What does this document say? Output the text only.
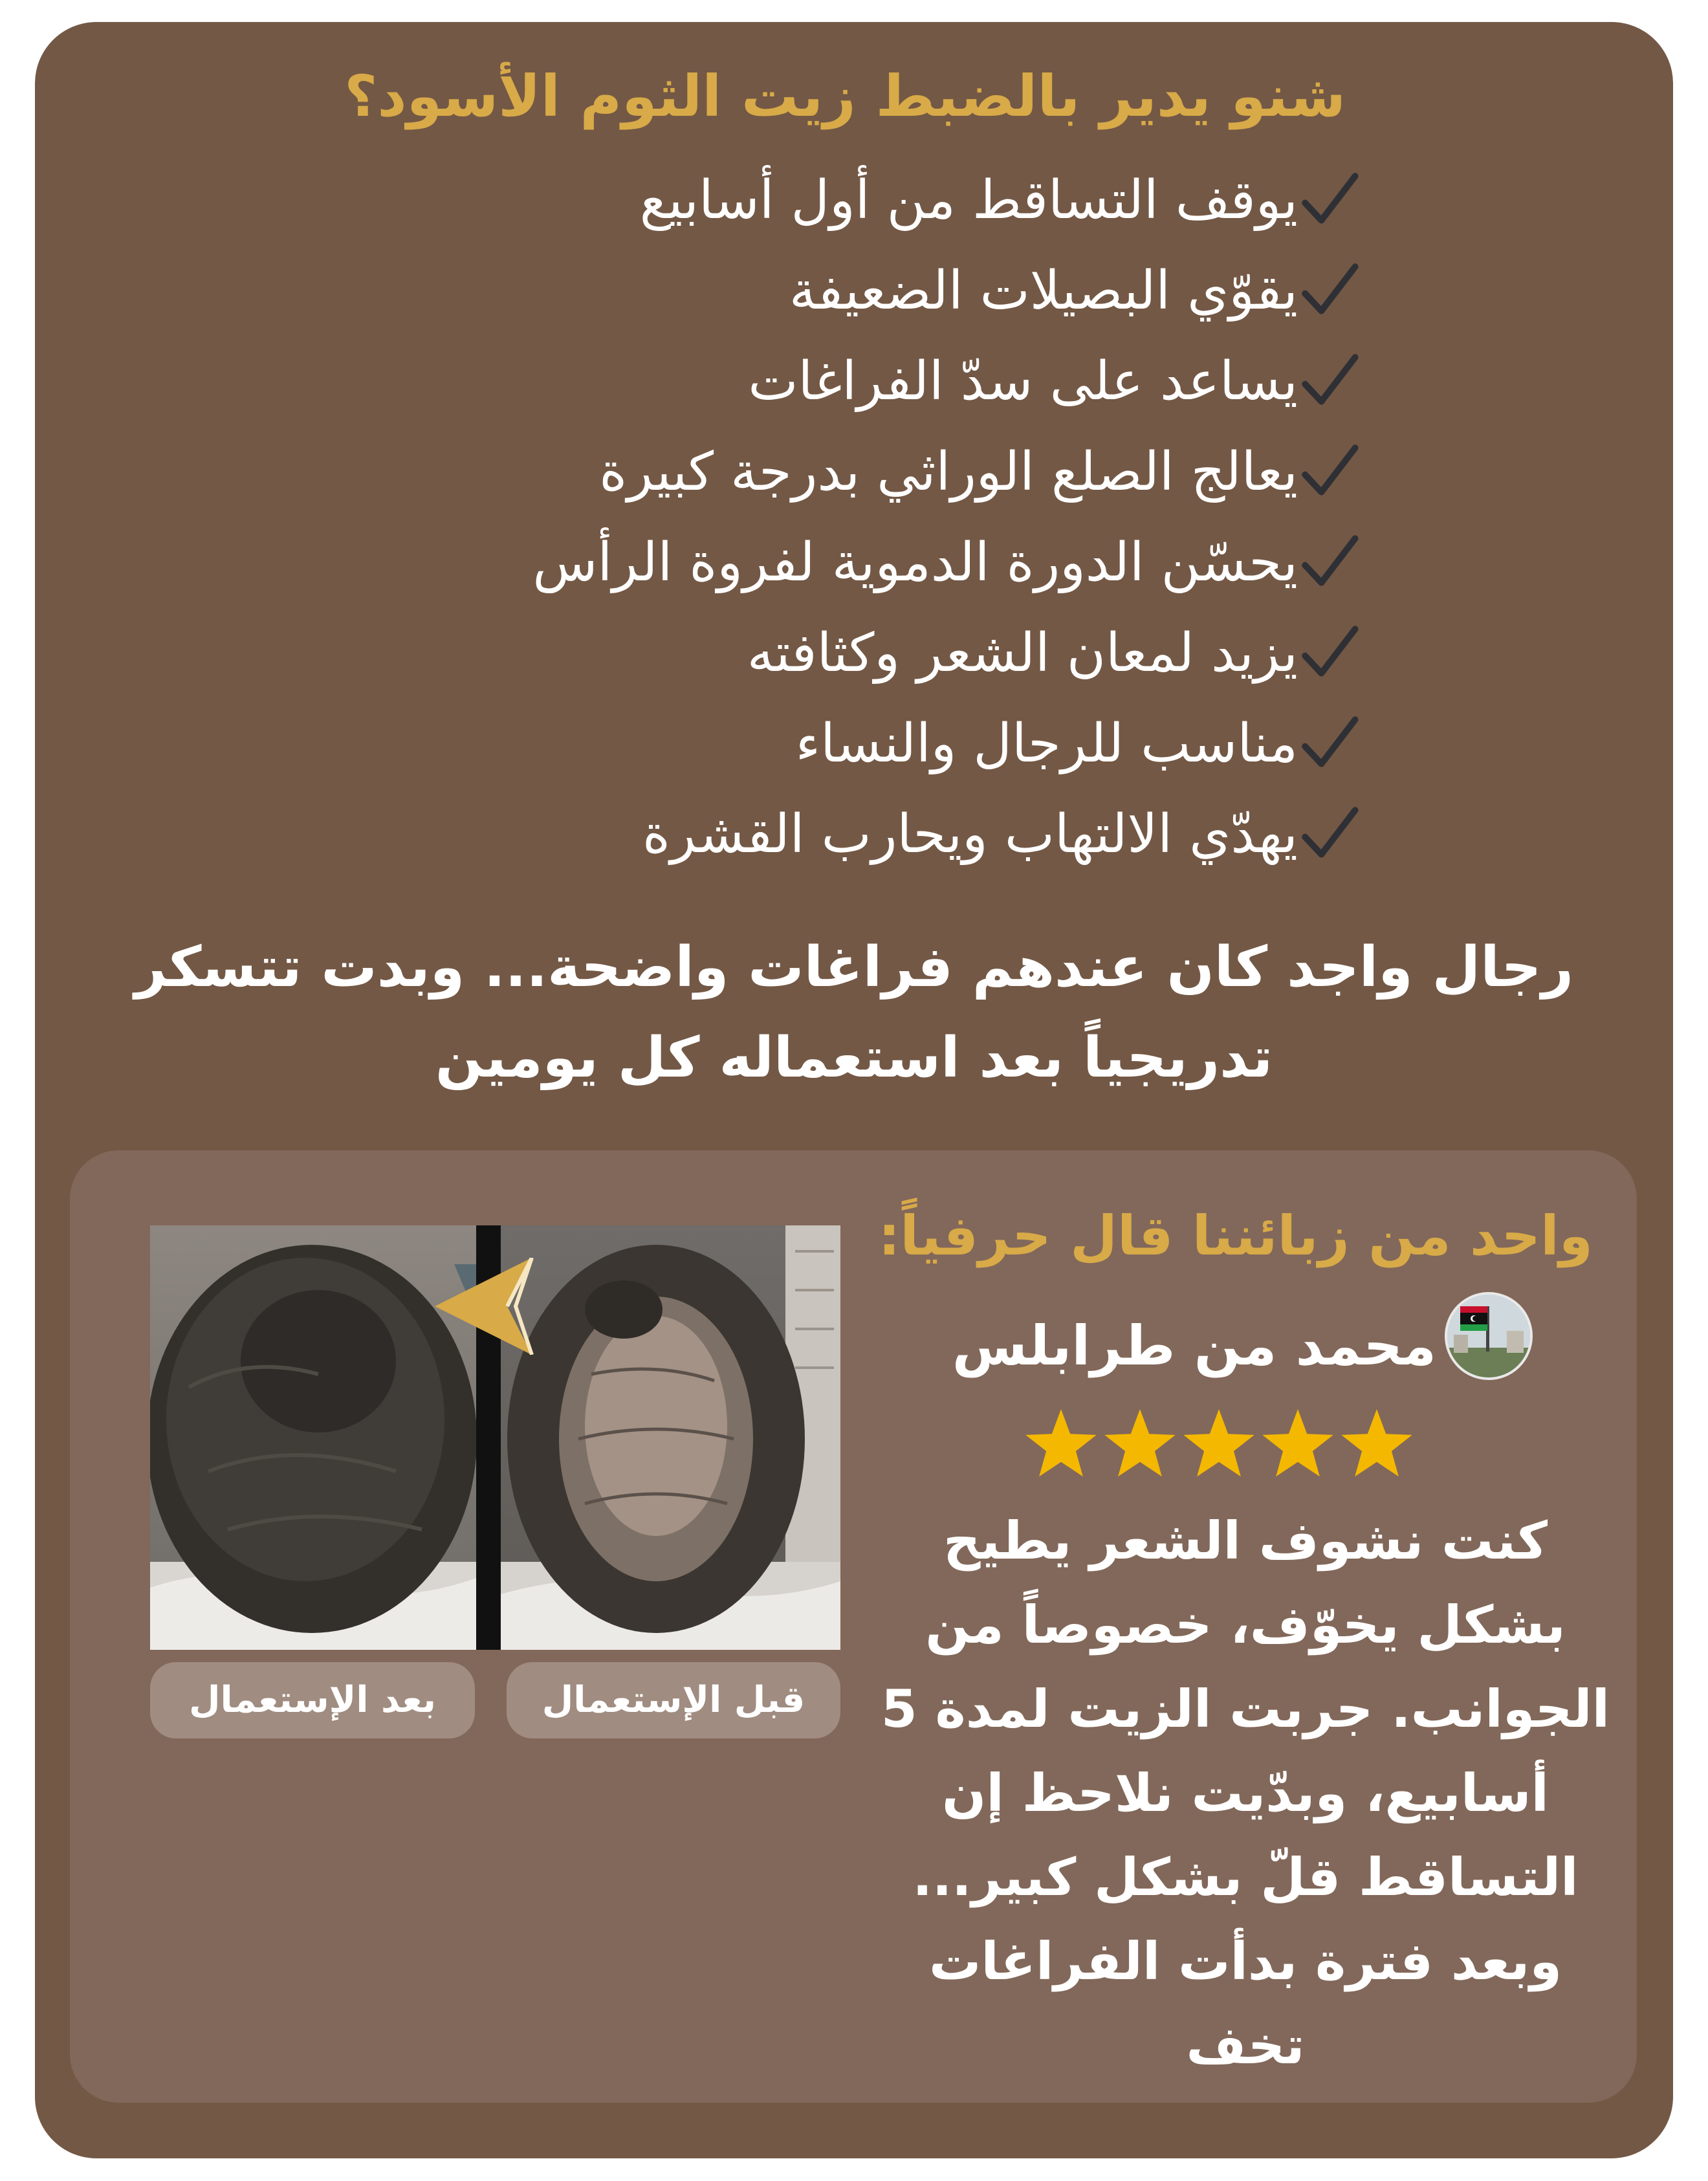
شنو يدير بالضبط زيت الثوم الأسود؟
يوقف التساقط من أول أسابيع
يقوّي البصيلات الضعيفة
يساعد على سدّ الفراغات
يعالج الصلع الوراثي بدرجة كبيرة
يحسّن الدورة الدموية لفروة الرأس
يزيد لمعان الشعر وكثافته
مناسب للرجال والنساء
يهدّي الالتهاب ويحارب القشرة

رجال واجد كان عندهم فراغات واضحة... وبدت تتسكر
تدريجياً بعد استعماله كل يومين

بعد الإستعمال	قبل الإستعمال
واحد من زبائننا قال حرفياً:
محمد من طرابلس

كنت نشوف الشعر يطيح بشكل يخوّف، خصوصاً من الجوانب. جربت الزيت لمدة 5 أسابيع، وبدّيت نلاحظ إن التساقط قلّ بشكل كبير... وبعد فترة بدأت الفراغات تخف
